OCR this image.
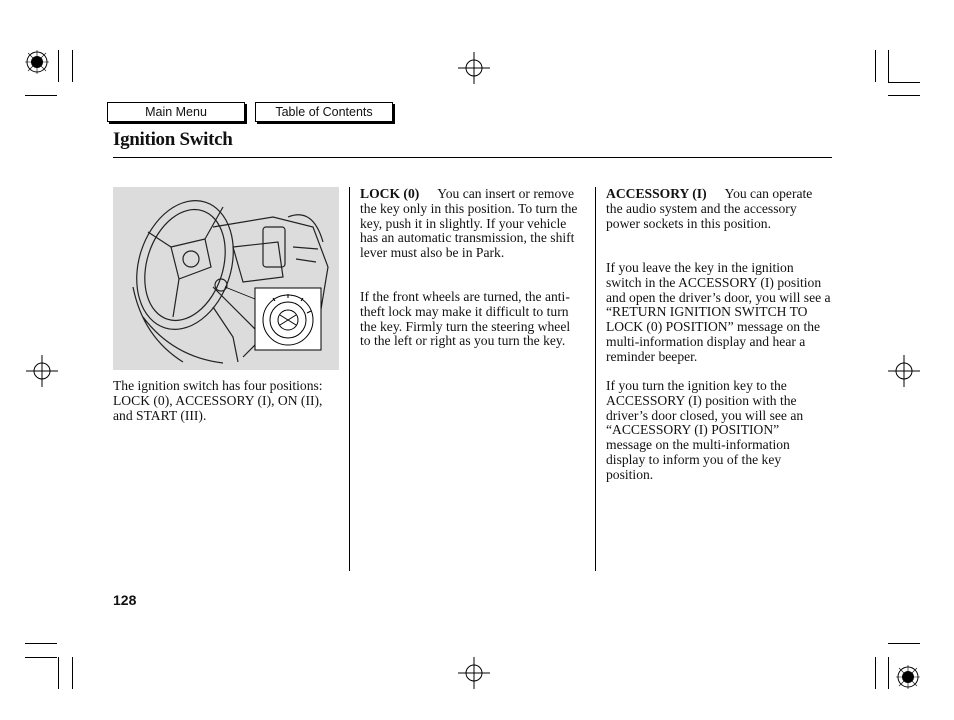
Main Menu	Table of Contents
Ignition Switch

The ignition switch has four positions: LOCK (0), ACCESSORY (I), ON (II), and START (III).

LOCK (0) You can insert or remove the key only in this position. To turn the key, push it in slightly. If your vehicle has an automatic transmission, the shift lever must also be in Park.

If the front wheels are turned, the anti-theft lock may make it difficult to turn the key. Firmly turn the steering wheel to the left or right as you turn the key.

ACCESSORY (I) You can operate the audio system and the accessory power sockets in this position.

If you leave the key in the ignition switch in the ACCESSORY (I) position and open the driver’s door, you will see a “RETURN IGNITION SWITCH TO LOCK (0) POSITION” message on the multi-information display and hear a reminder beeper.

If you turn the ignition key to the ACCESSORY (I) position with the driver’s door closed, you will see an “ACCESSORY (I) POSITION” message on the multi-information display to inform you of the key position.

128
